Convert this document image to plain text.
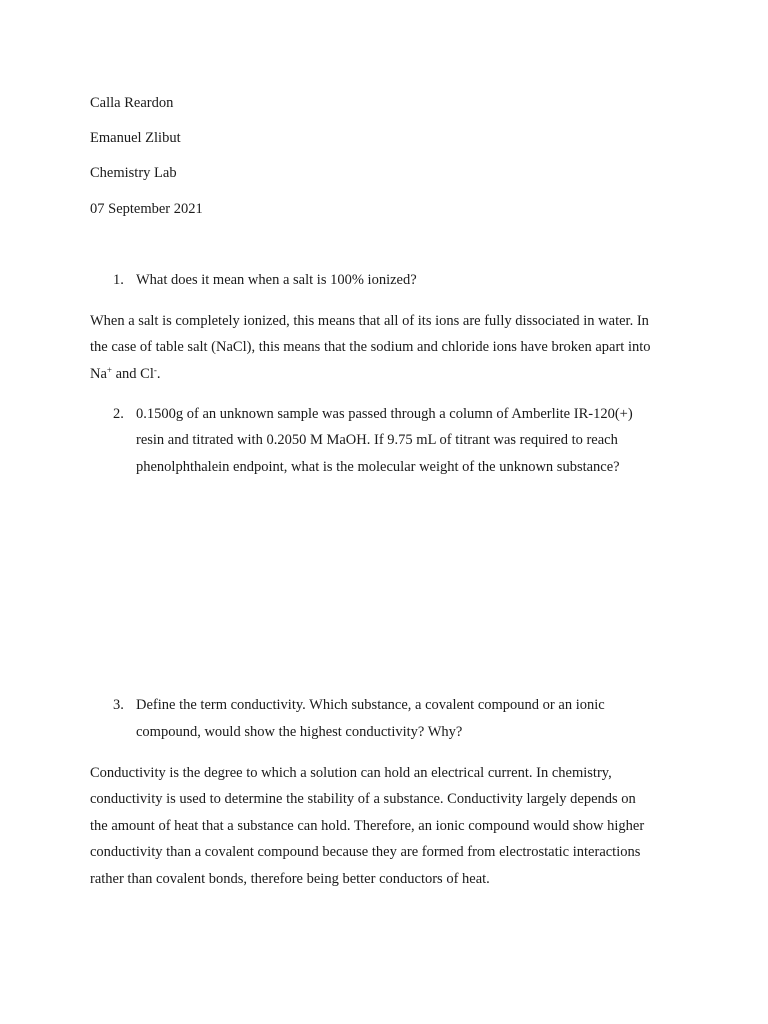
Calla Reardon
Emanuel Zlibut
Chemistry Lab
07 September 2021
1. What does it mean when a salt is 100% ionized?
When a salt is completely ionized, this means that all of its ions are fully dissociated in water. In
the case of table salt (NaCl), this means that the sodium and chloride ions have broken apart into
Na+ and Cl-.
2. 0.1500g of an unknown sample was passed through a column of Amberlite IR-120(+)
resin and titrated with 0.2050 M MaOH. If 9.75 mL of titrant was required to reach
phenolphthalein endpoint, what is the molecular weight of the unknown substance?
3. Define the term conductivity. Which substance, a covalent compound or an ionic
compound, would show the highest conductivity? Why?
Conductivity is the degree to which a solution can hold an electrical current. In chemistry,
conductivity is used to determine the stability of a substance. Conductivity largely depends on
the amount of heat that a substance can hold. Therefore, an ionic compound would show higher
conductivity than a covalent compound because they are formed from electrostatic interactions
rather than covalent bonds, therefore being better conductors of heat.
